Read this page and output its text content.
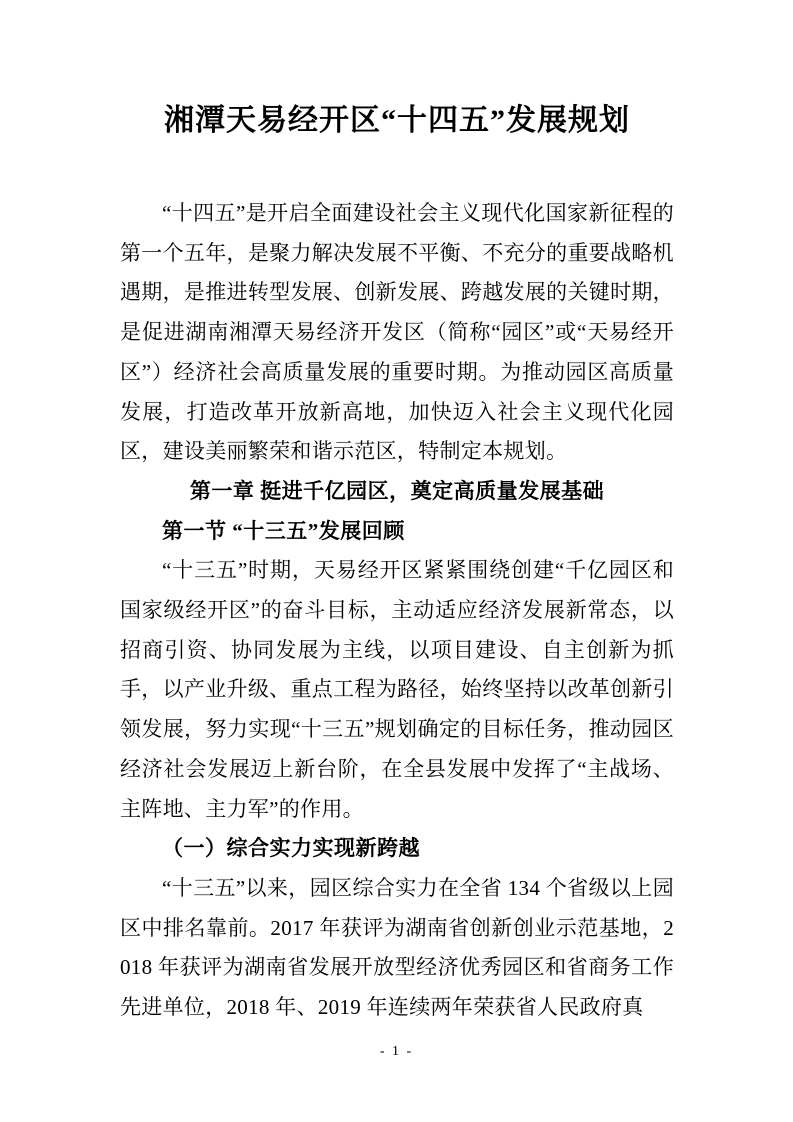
湘潭天易经开区“十四五”发展规划

“十四五”是开启全面建设社会主义现代化国家新征程的第一个五年，是聚力解决发展不平衡、不充分的重要战略机遇期，是推进转型发展、创新发展、跨越发展的关键时期，是促进湖南湘潭天易经济开发区（简称“园区”或“天易经开区”）经济社会高质量发展的重要时期。为推动园区高质量发展，打造改革开放新高地，加快迈入社会主义现代化园区，建设美丽繁荣和谐示范区，特制定本规划。

第一章 挺进千亿园区，奠定高质量发展基础
第一节 “十三五”发展回顾

“十三五”时期，天易经开区紧紧围绕创建“千亿园区和国家级经开区”的奋斗目标，主动适应经济发展新常态，以招商引资、协同发展为主线，以项目建设、自主创新为抓手，以产业升级、重点工程为路径，始终坚持以改革创新引领发展，努力实现“十三五”规划确定的目标任务，推动园区经济社会发展迈上新台阶，在全县发展中发挥了“主战场、主阵地、主力军”的作用。

（一）综合实力实现新跨越

“十三五”以来，园区综合实力在全省 134 个省级以上园区中排名靠前。2017 年获评为湖南省创新创业示范基地，2018 年获评为湖南省发展开放型经济优秀园区和省商务工作先进单位，2018 年、2019 年连续两年荣获省人民政府真

- 1 -
